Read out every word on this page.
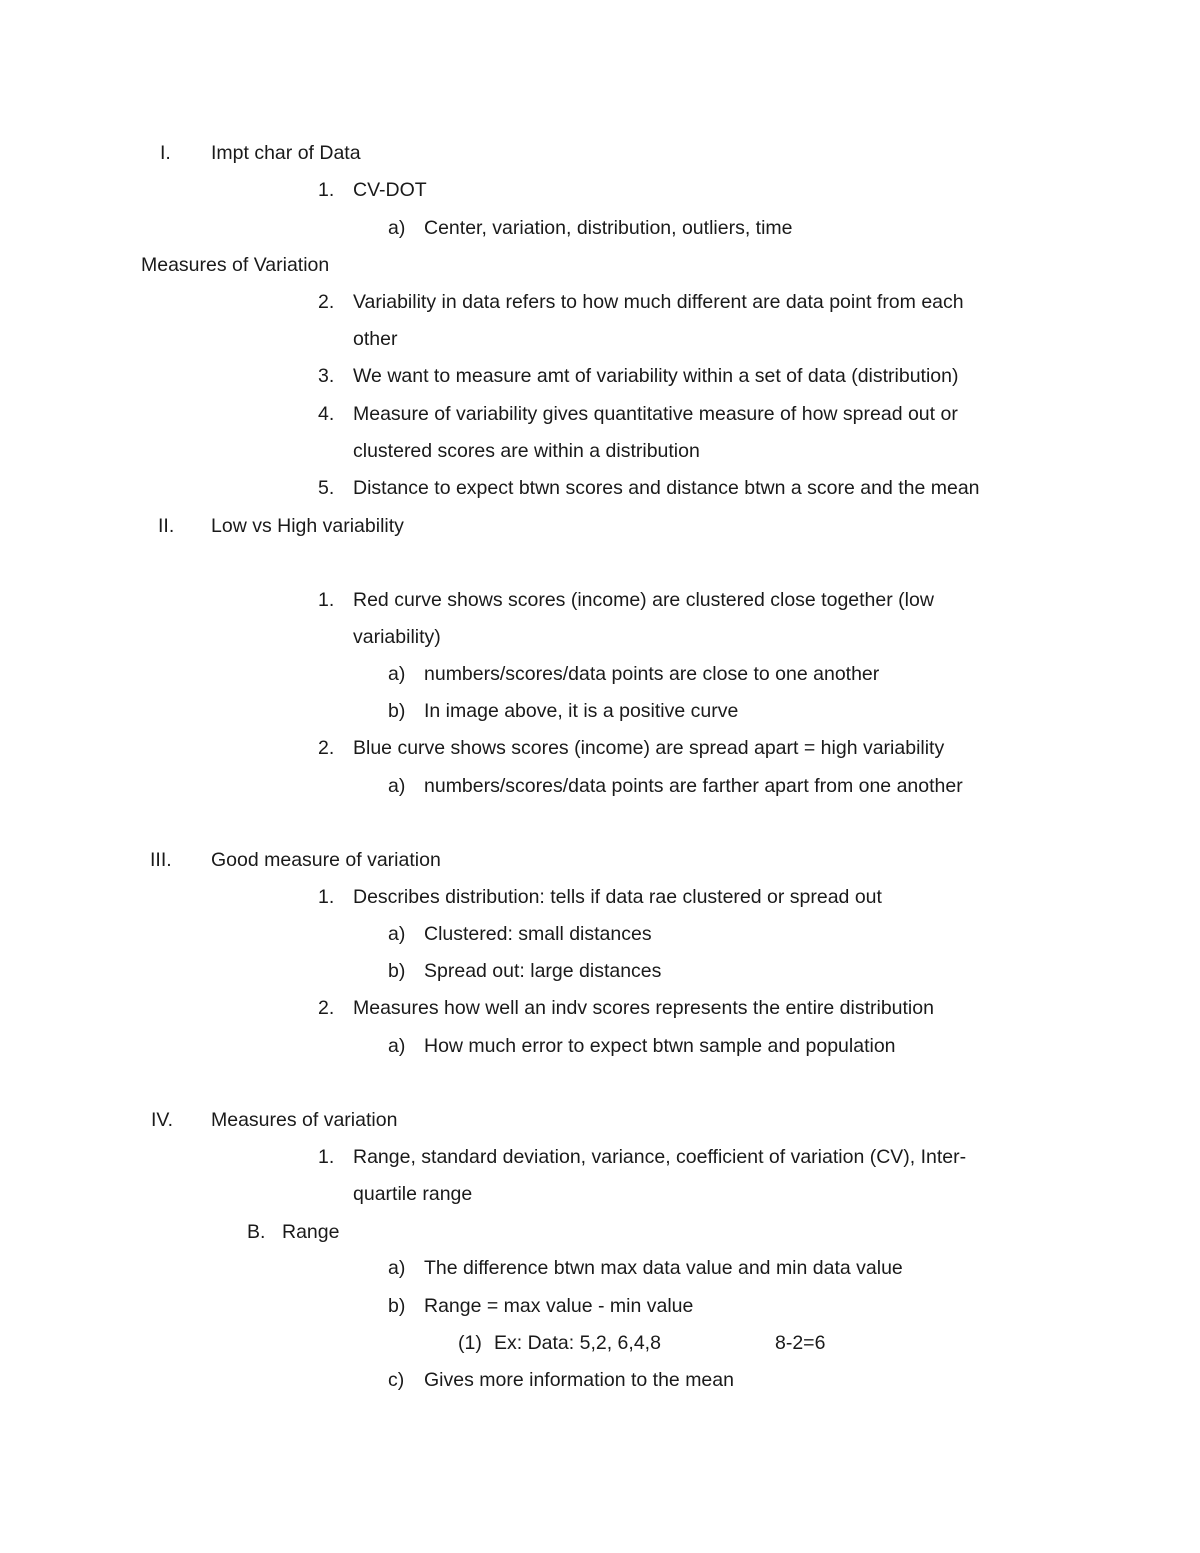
I. Impt char of Data
1. CV-DOT
a) Center, variation, distribution, outliers, time
Measures of Variation
2. Variability in data refers to how much different are data point from each
other
3. We want to measure amt of variability within a set of data (distribution)
4. Measure of variability gives quantitative measure of how spread out or
clustered scores are within a distribution
5. Distance to expect btwn scores and distance btwn a score and the mean
II. Low vs High variability
1. Red curve shows scores (income) are clustered close together (low
variability)
a) numbers/scores/data points are close to one another
b) In image above, it is a positive curve
2. Blue curve shows scores (income) are spread apart = high variability
a) numbers/scores/data points are farther apart from one another
III. Good measure of variation
1. Describes distribution: tells if data rae clustered or spread out
a) Clustered: small distances
b) Spread out: large distances
2. Measures how well an indv scores represents the entire distribution
a) How much error to expect btwn sample and population
IV. Measures of variation
1. Range, standard deviation, variance, coefficient of variation (CV), Inter-
quartile range
B. Range
a) The difference btwn max data value and min data value
b) Range = max value - min value
(1) Ex: Data: 5,2, 6,4,8	8-2=6
c) Gives more information to the mean
